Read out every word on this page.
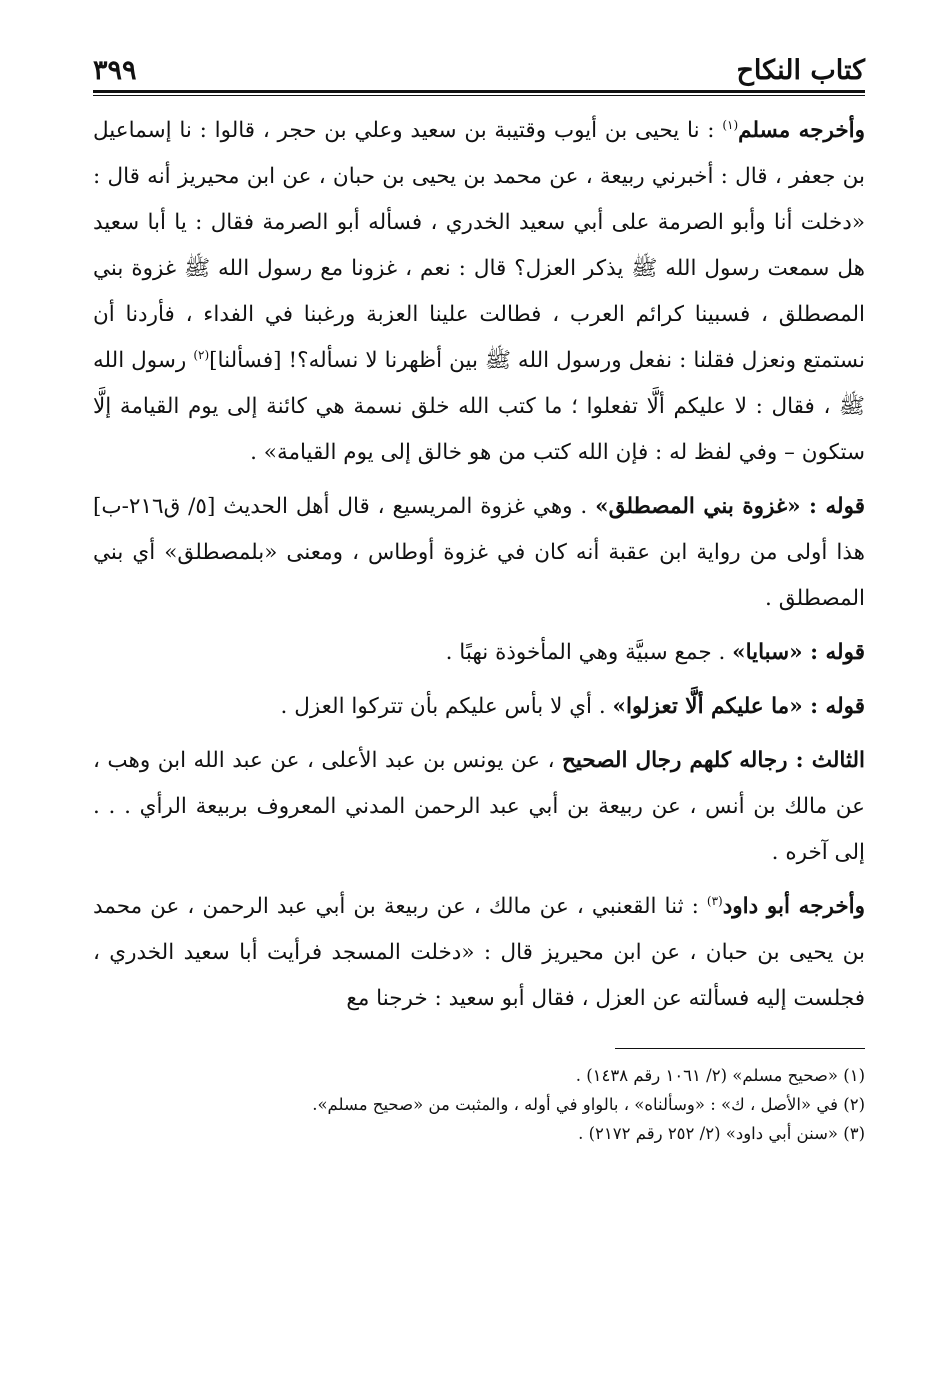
كتاب النكاح
٣٩٩

وأخرجه مسلم$^{(١)}$ : نا يحيى بن أيوب وقتيبة بن سعيد وعلي بن حجر ، قالوا : نا إسماعيل بن جعفر ، قال : أخبرني ربيعة ، عن محمد بن يحيى بن حبان ، عن ابن محيريز أنه قال : «دخلت أنا وأبو الصرمة على أبي سعيد الخدري ، فسأله أبو الصرمة فقال : يا أبا سعيد هل سمعت رسول الله ﷺ يذكر العزل؟ قال : نعم ، غزونا مع رسول الله ﷺ غزوة بني المصطلق ، فسبينا كرائم العرب ، فطالت علينا العزبة ورغبنا في الفداء ، فأردنا أن نستمتع ونعزل فقلنا : نفعل ورسول الله ﷺ بين أظهرنا لا نسأله؟! [فسألنا]$^{(٢)}$ رسول الله ﷺ ، فقال : لا عليكم ألَّا تفعلوا ؛ ما كتب الله خلق نسمة هي كائنة إلى يوم القيامة إلَّا ستكون – وفي لفظ له : فإن الله كتب من هو خالق إلى يوم القيامة» .

قوله : «غزوة بني المصطلق» . وهي غزوة المريسيع ، قال أهل الحديث [٥/ ق٢١٦-ب] هذا أولى من رواية ابن عقبة أنه كان في غزوة أوطاس ، ومعنى «بلمصطلق» أي بني المصطلق .

قوله : «سبايا» . جمع سبيَّة وهي المأخوذة نهبًا .

قوله : «ما عليكم ألَّا تعزلوا» . أي لا بأس عليكم بأن تتركوا العزل .

الثالث : رجاله كلهم رجال الصحيح ، عن يونس بن عبد الأعلى ، عن عبد الله ابن وهب ، عن مالك بن أنس ، عن ربيعة بن أبي عبد الرحمن المدني المعروف بربيعة الرأي . . . إلى آخره .

وأخرجه أبو داود$^{(٣)}$ : ثنا القعنبي ، عن مالك ، عن ربيعة بن أبي عبد الرحمن ، عن محمد بن يحيى بن حبان ، عن ابن محيريز قال : «دخلت المسجد فرأيت أبا سعيد الخدري ، فجلست إليه فسألته عن العزل ، فقال أبو سعيد : خرجنا مع

(١) «صحيح مسلم» (٢/ ١٠٦١ رقم ١٤٣٨) .

(٢) في «الأصل ، ك» : «وسألناه» ، بالواو في أوله ، والمثبت من «صحيح مسلم».

(٣) «سنن أبي داود» (٢/ ٢٥٢ رقم ٢١٧٢) .
